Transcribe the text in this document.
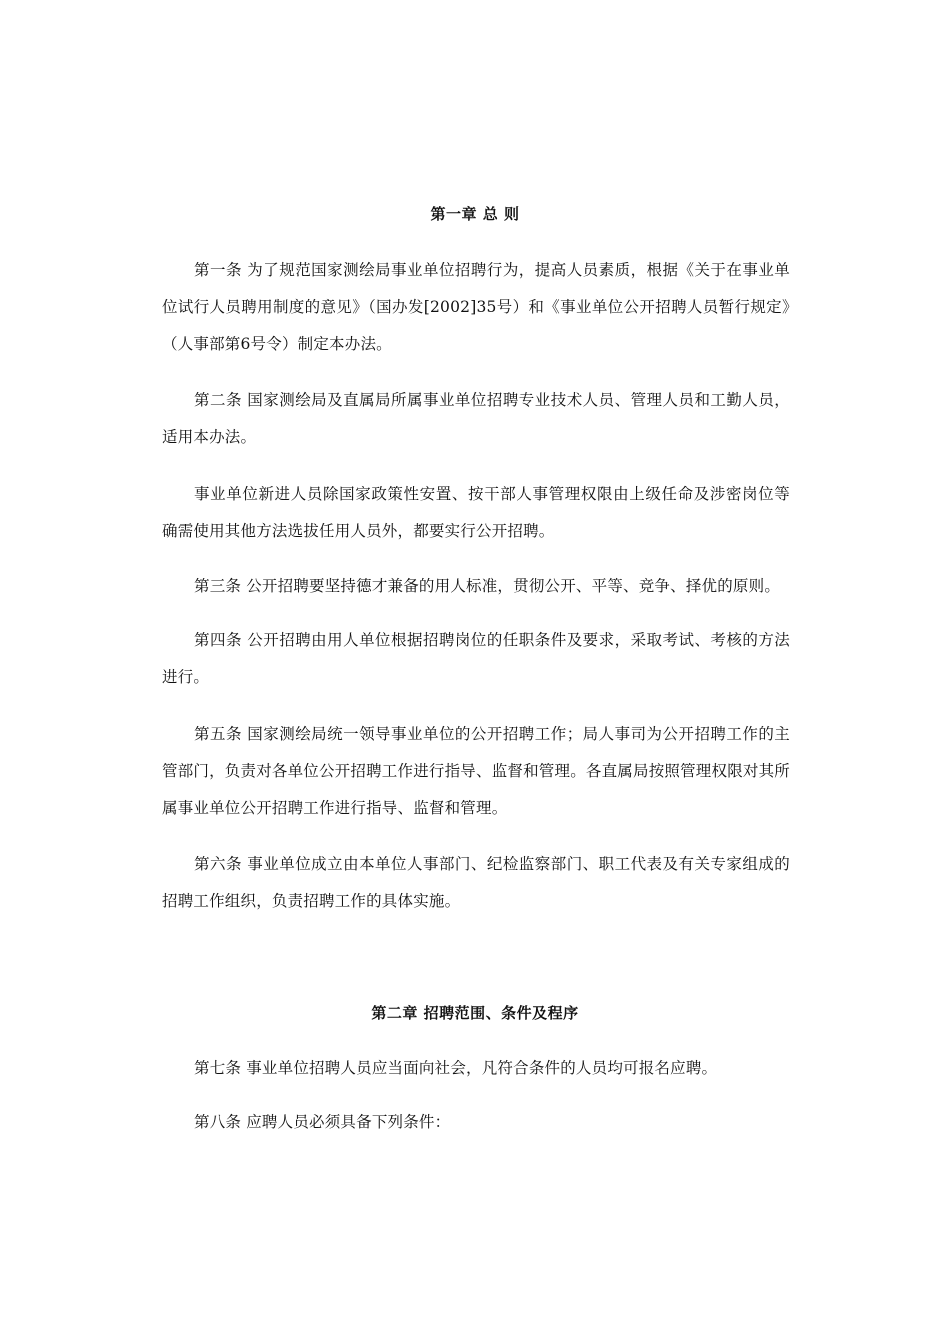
第一章 总 则

第一条 为了规范国家测绘局事业单位招聘行为，提高人员素质，根据《关于在事业单位试行人员聘用制度的意见》（国办发[2002]35号）和《事业单位公开招聘人员暂行规定》（人事部第6号令）制定本办法。

第二条 国家测绘局及直属局所属事业单位招聘专业技术人员、管理人员和工勤人员，适用本办法。

事业单位新进人员除国家政策性安置、按干部人事管理权限由上级任命及涉密岗位等确需使用其他方法选拔任用人员外，都要实行公开招聘。

第三条 公开招聘要坚持德才兼备的用人标准，贯彻公开、平等、竞争、择优的原则。

第四条 公开招聘由用人单位根据招聘岗位的任职条件及要求，采取考试、考核的方法进行。

第五条 国家测绘局统一领导事业单位的公开招聘工作；局人事司为公开招聘工作的主管部门，负责对各单位公开招聘工作进行指导、监督和管理。各直属局按照管理权限对其所属事业单位公开招聘工作进行指导、监督和管理。

第六条 事业单位成立由本单位人事部门、纪检监察部门、职工代表及有关专家组成的招聘工作组织，负责招聘工作的具体实施。

第二章 招聘范围、条件及程序

第七条 事业单位招聘人员应当面向社会，凡符合条件的人员均可报名应聘。

第八条 应聘人员必须具备下列条件：
